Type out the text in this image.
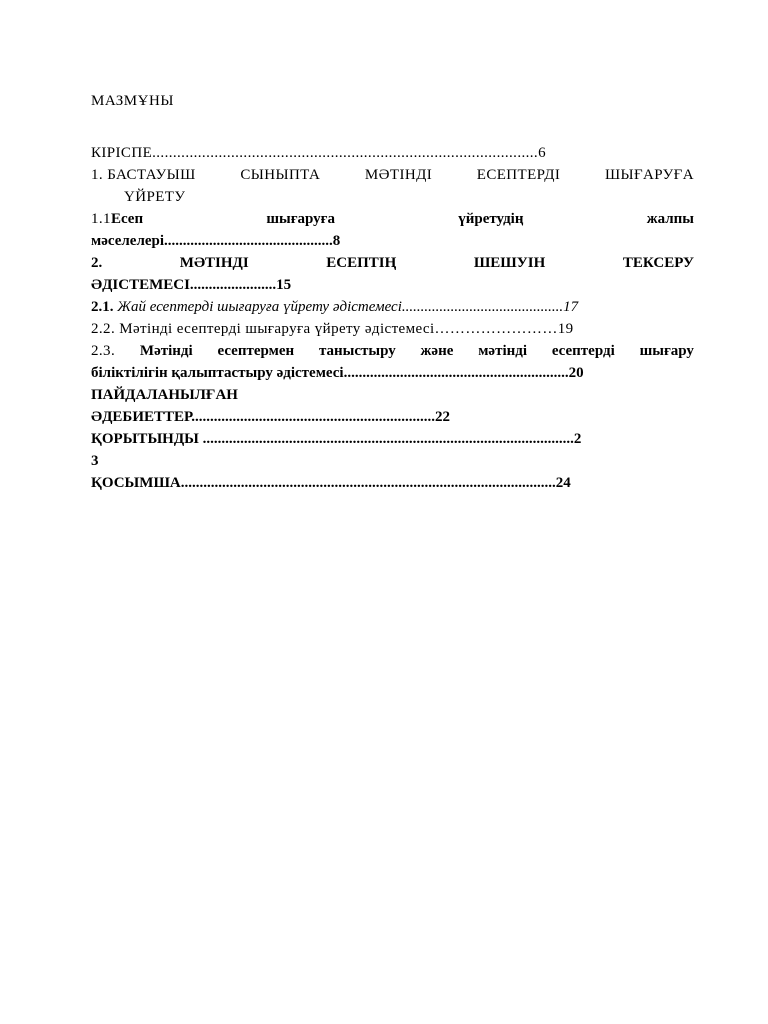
МАЗМҰНЫ
КІРІСПЕ.............................................................................................6
1. БАСТАУЫШ	СЫНЫПТА	МӘТІНДІ	ЕСЕПТЕРДІ	ШЫҒАРУҒА
ҮЙРЕТУ
1.1Есеп	шығаруға	үйретудің	жалпы
мәселелері.............................................8
2.	МӘТІНДІ	ЕСЕПТІҢ	ШЕШУІН	ТЕКСЕРУ
ӘДІСТЕМЕСІ.......................15
2.1. Жай есептерді шығаруға үйрету әдістемесі...........................................17
2.2. Мәтінді есептерді шығаруға үйрету әдістемесі……………………19
2.3. Мәтінді есептермен таныстыру және мәтінді есептерді шығару
біліктілігін қалыптастыру әдістемесі............................................................20
ПАЙДАЛАНЫЛҒАН
ӘДЕБИЕТТЕР.................................................................22
ҚОРЫТЫНДЫ ...................................................................................................2
3
ҚОСЫМША....................................................................................................24
